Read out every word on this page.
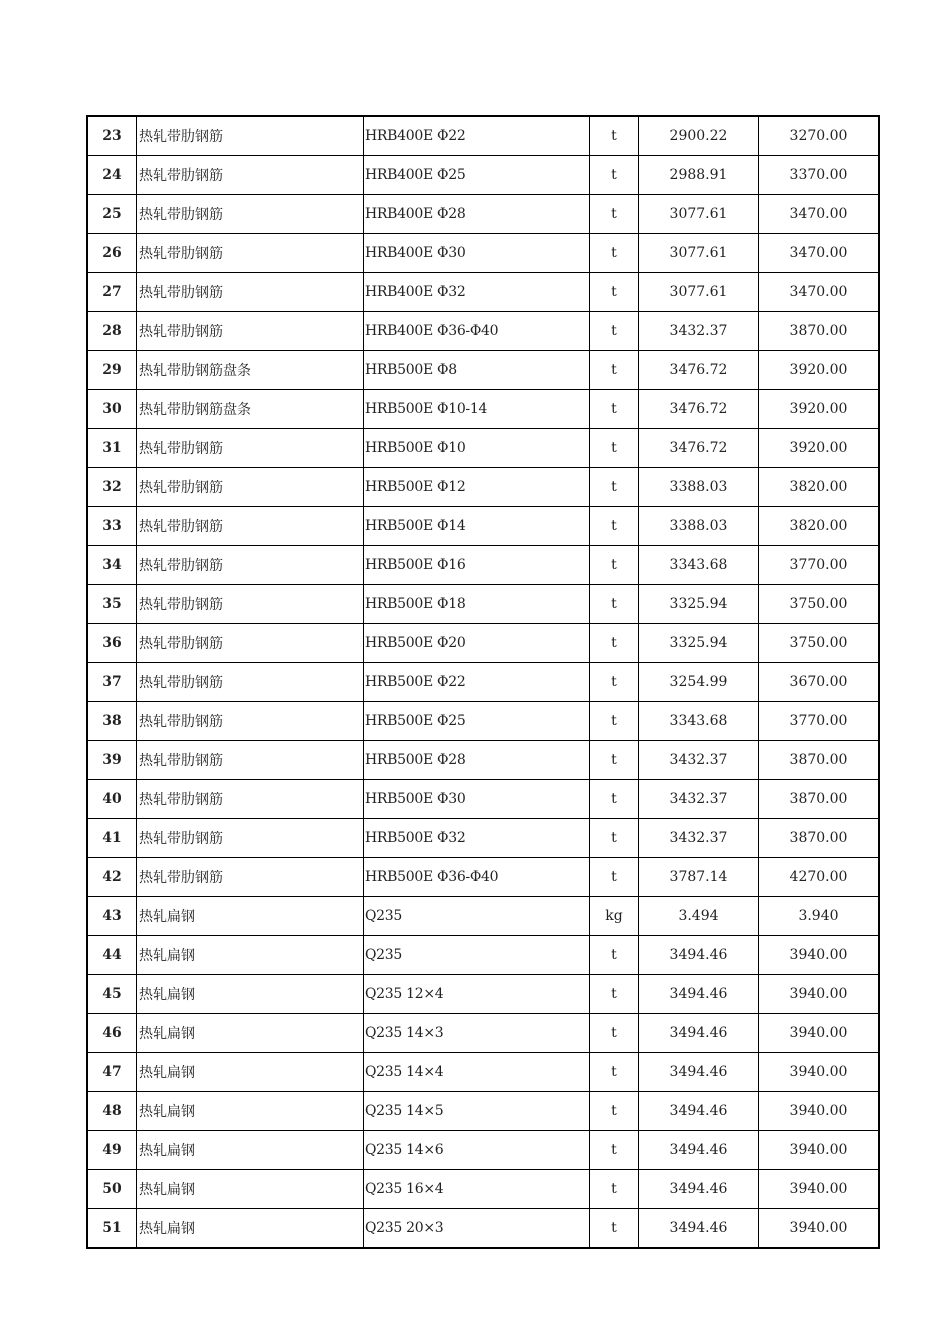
23	热轧带肋钢筋	HRB400E Φ22	t	2900.22	3270.00
24	热轧带肋钢筋	HRB400E Φ25	t	2988.91	3370.00
25	热轧带肋钢筋	HRB400E Φ28	t	3077.61	3470.00
26	热轧带肋钢筋	HRB400E Φ30	t	3077.61	3470.00
27	热轧带肋钢筋	HRB400E Φ32	t	3077.61	3470.00
28	热轧带肋钢筋	HRB400E Φ36-Φ40	t	3432.37	3870.00
29	热轧带肋钢筋盘条	HRB500E Φ8	t	3476.72	3920.00
30	热轧带肋钢筋盘条	HRB500E Φ10-14	t	3476.72	3920.00
31	热轧带肋钢筋	HRB500E Φ10	t	3476.72	3920.00
32	热轧带肋钢筋	HRB500E Φ12	t	3388.03	3820.00
33	热轧带肋钢筋	HRB500E Φ14	t	3388.03	3820.00
34	热轧带肋钢筋	HRB500E Φ16	t	3343.68	3770.00
35	热轧带肋钢筋	HRB500E Φ18	t	3325.94	3750.00
36	热轧带肋钢筋	HRB500E Φ20	t	3325.94	3750.00
37	热轧带肋钢筋	HRB500E Φ22	t	3254.99	3670.00
38	热轧带肋钢筋	HRB500E Φ25	t	3343.68	3770.00
39	热轧带肋钢筋	HRB500E Φ28	t	3432.37	3870.00
40	热轧带肋钢筋	HRB500E Φ30	t	3432.37	3870.00
41	热轧带肋钢筋	HRB500E Φ32	t	3432.37	3870.00
42	热轧带肋钢筋	HRB500E Φ36-Φ40	t	3787.14	4270.00
43	热轧扁钢	Q235	kg	3.494	3.940
44	热轧扁钢	Q235	t	3494.46	3940.00
45	热轧扁钢	Q235 12×4	t	3494.46	3940.00
46	热轧扁钢	Q235 14×3	t	3494.46	3940.00
47	热轧扁钢	Q235 14×4	t	3494.46	3940.00
48	热轧扁钢	Q235 14×5	t	3494.46	3940.00
49	热轧扁钢	Q235 14×6	t	3494.46	3940.00
50	热轧扁钢	Q235 16×4	t	3494.46	3940.00
51	热轧扁钢	Q235 20×3	t	3494.46	3940.00
